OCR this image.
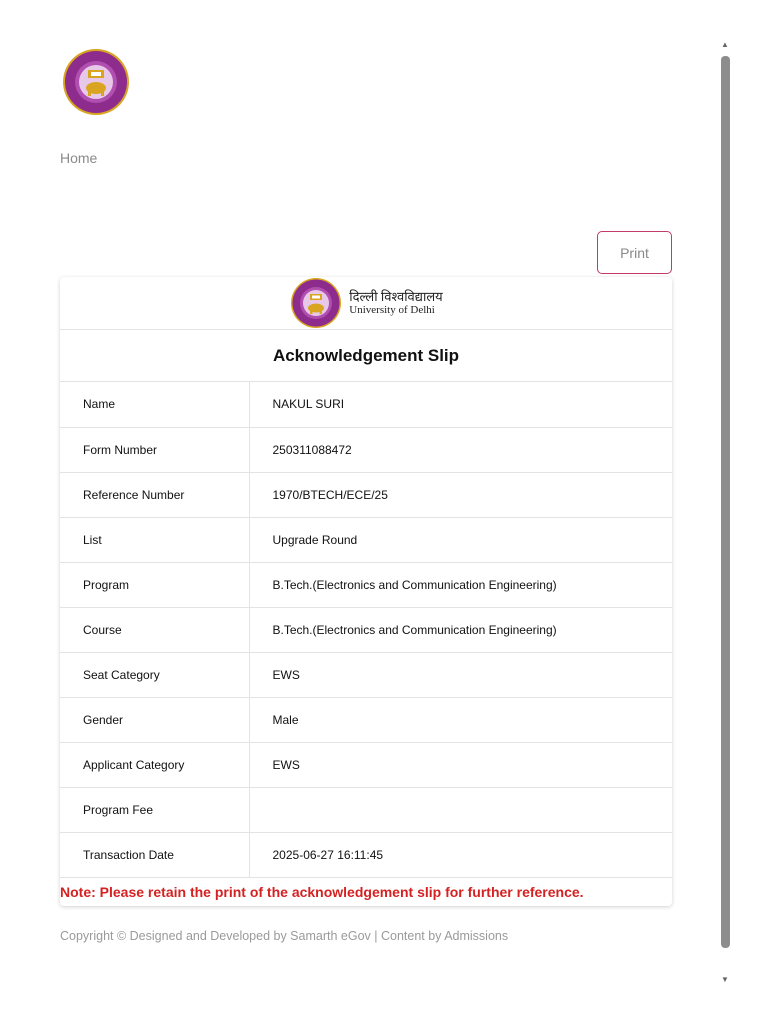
Home
Print
दिल्ली विश्वविद्यालय
University of Delhi
Acknowledgement Slip
Name	NAKUL SURI
Form Number	250311088472
Reference Number	1970/BTECH/ECE/25
List	Upgrade Round
Program	B.Tech.(Electronics and Communication Engineering)
Course	B.Tech.(Electronics and Communication Engineering)
Seat Category	EWS
Gender	Male
Applicant Category	EWS
Program Fee	
Transaction Date	2025-06-27 16:11:45
Note: Please retain the print of the acknowledgement slip for further reference.
Copyright © Designed and Developed by Samarth eGov | Content by Admissions
▲
▼
